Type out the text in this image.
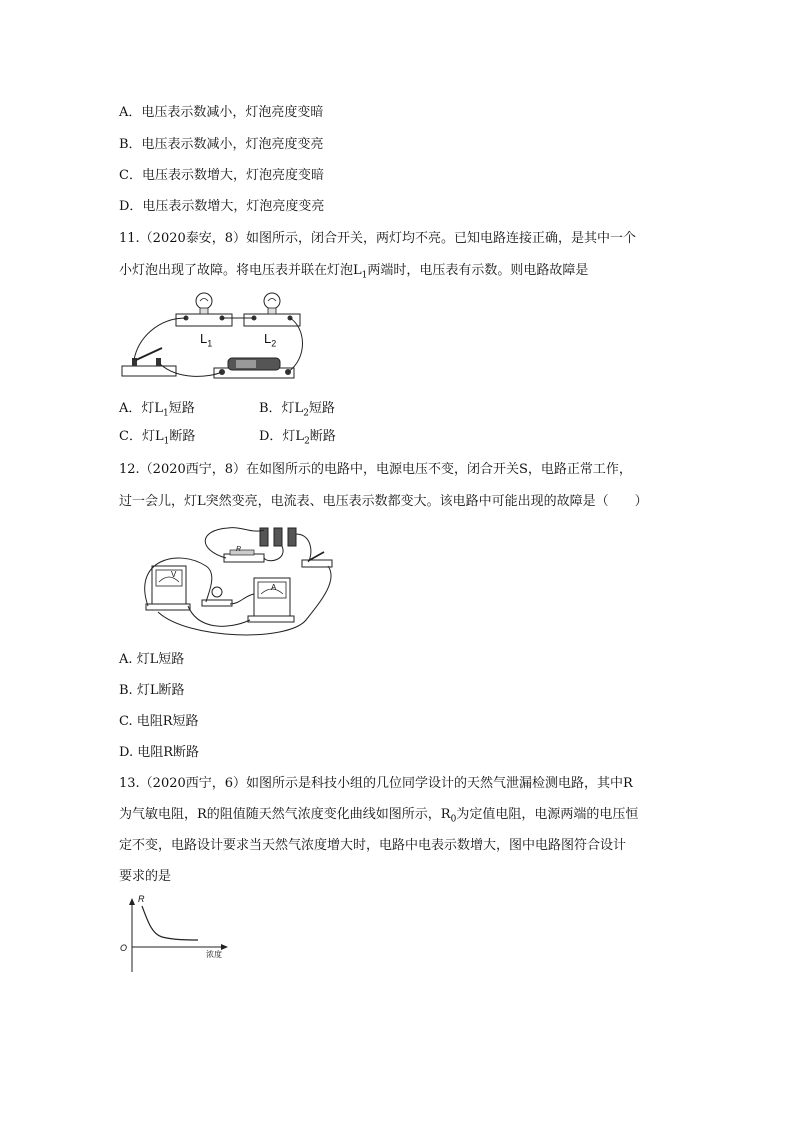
A．电压表示数减小，灯泡亮度变暗
B．电压表示数减小，灯泡亮度变亮
C．电压表示数增大，灯泡亮度变暗
D．电压表示数增大，灯泡亮度变亮
11.（2020泰安，8）如图所示，闭合开关，两灯均不亮。已知电路连接正确，是其中一个
小灯泡出现了故障。将电压表并联在灯泡$L_1$两端时，电压表有示数。则电路故障是
$L_1$	$L_2$
A．灯$L_1$短路	B．灯$L_2$短路
C．灯$L_1$断路	D．灯$L_2$断路
12.（2020西宁，8）在如图所示的电路中，电源电压不变，闭合开关S，电路正常工作，
过一会儿，灯L突然变亮，电流表、电压表示数都变大。该电路中可能出现的故障是（　　）
V
A
R
A. 灯L短路
B. 灯L断路
C. 电阻R短路
D. 电阻R断路
13.（2020西宁，6）如图所示是科技小组的几位同学设计的天然气泄漏检测电路，其中R
为气敏电阻，R的阻值随天然气浓度变化曲线如图所示，$R_0$为定值电阻，电源两端的电压恒
定不变，电路设计要求当天然气浓度增大时，电路中电表示数增大，图中电路图符合设计
要求的是
R
O
浓度
